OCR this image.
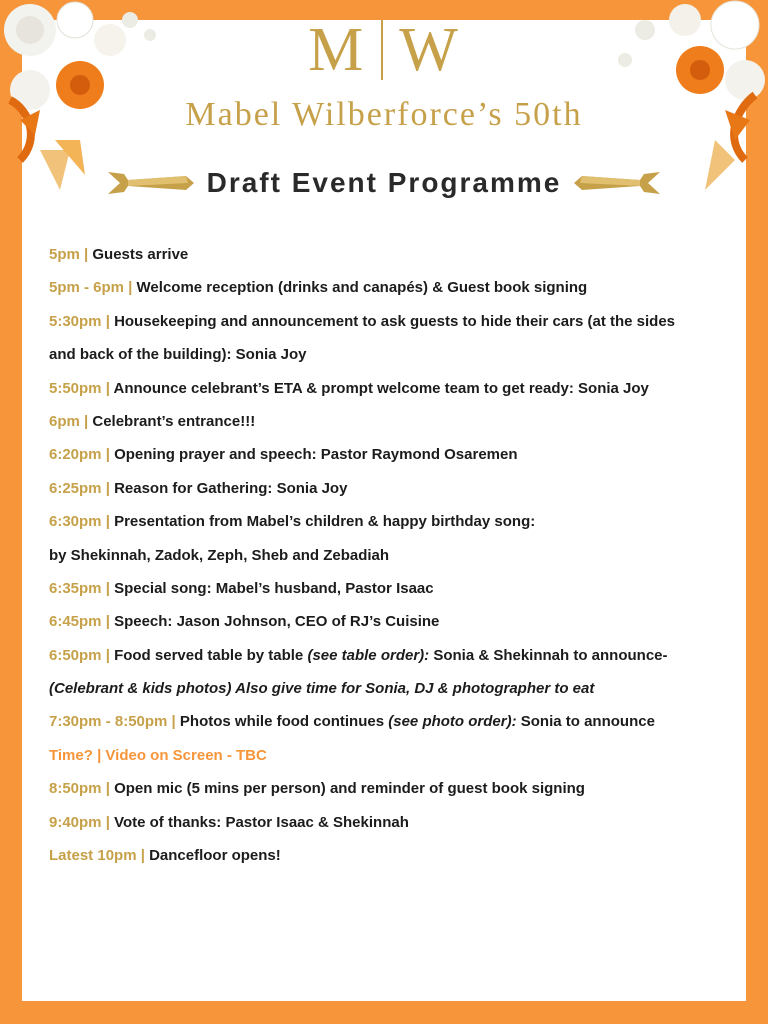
M W
Mabel Wilberforce’s 50th
Draft Event Programme
5pm | Guests arrive
5pm - 6pm | Welcome reception (drinks and canapés) & Guest book signing
5:30pm | Housekeeping and announcement to ask guests to hide their cars (at the sides
and back of the building): Sonia Joy
5:50pm | Announce celebrant’s ETA & prompt welcome team to get ready: Sonia Joy
6pm | Celebrant’s entrance!!!
6:20pm | Opening prayer and speech: Pastor Raymond Osaremen
6:25pm | Reason for Gathering: Sonia Joy
6:30pm | Presentation from Mabel’s children & happy birthday song:
by Shekinnah, Zadok, Zeph, Sheb and Zebadiah
6:35pm | Special song: Mabel’s husband, Pastor Isaac
6:45pm | Speech: Jason Johnson, CEO of RJ’s Cuisine
6:50pm | Food served table by table (see table order): Sonia & Shekinnah to announce-
(Celebrant & kids photos) Also give time for Sonia, DJ & photographer to eat
7:30pm - 8:50pm | Photos while food continues (see photo order): Sonia to announce
Time? | Video on Screen - TBC
8:50pm | Open mic (5 mins per person) and reminder of guest book signing
9:40pm | Vote of thanks: Pastor Isaac & Shekinnah
Latest 10pm | Dancefloor opens!
